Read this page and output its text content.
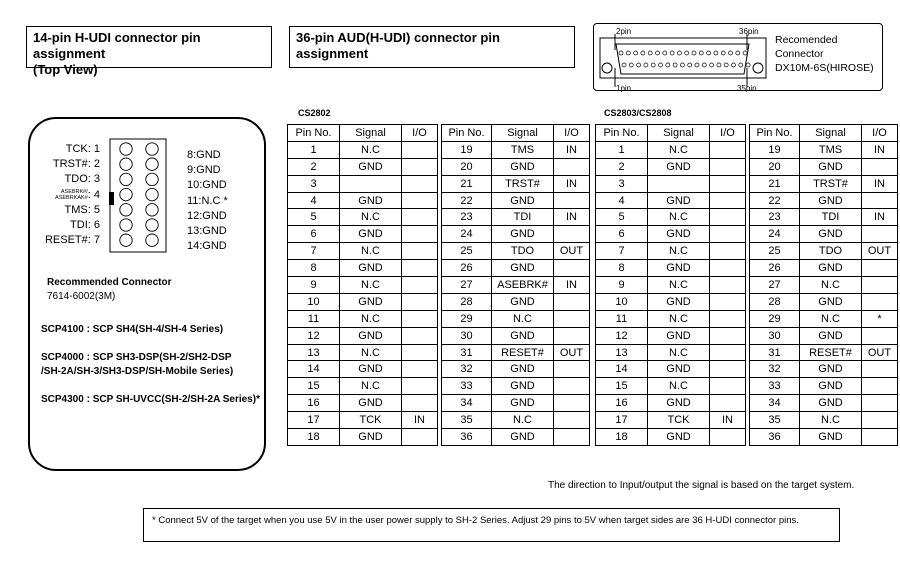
14-pin H-UDI connector pin assignment
(Top View)
36-pin AUD(H-UDI) connector pin assignment
2pin	36pin
1pin	35pin
Recomended
Connector
DX10M-6S(HIROSE)
CS2802	CS2803/CS2808
Pin No.	Signal	I/O		Pin No.	Signal	I/O
1	N.C			19	TMS	IN
2	GND			20	GND	
3				21	TRST#	IN
4	GND			22	GND	
5	N.C			23	TDI	IN
6	GND			24	GND	
7	N.C			25	TDO	OUT
8	GND			26	GND	
9	N.C			27	ASEBRK#	IN
10	GND			28	GND	
11	N.C			29	N.C	
12	GND			30	GND	
13	N.C			31	RESET#	OUT
14	GND			32	GND	
15	N.C			33	GND	
16	GND			34	GND	
17	TCK	IN		35	N.C	
18	GND			36	GND	
Pin No.	Signal	I/O		Pin No.	Signal	I/O
1	N.C			19	TMS	IN
2	GND			20	GND	
3				21	TRST#	IN
4	GND			22	GND	
5	N.C			23	TDI	IN
6	GND			24	GND	
7	N.C			25	TDO	OUT
8	GND			26	GND	
9	N.C			27	N.C	
10	GND			28	GND	
11	N.C			29	N.C	*
12	GND			30	GND	
13	N.C			31	RESET#	OUT
14	GND			32	GND	
15	N.C			33	GND	
16	GND			34	GND	
17	TCK	IN		35	N.C	
18	GND			36	GND	
TCK: 1
TRST#: 2
TDO: 3
ASEBRK#/
ASEBRKAK# : 4
TMS: 5
TDI: 6
RESET#: 7
8:GND
9:GND
10:GND
11:N.C *
12:GND
13:GND
14:GND
Recommended Connector
7614-6002(3M)
SCP4100 : SCP SH4(SH-4/SH-4 Series)
SCP4000 : SCP SH3-DSP(SH-2/SH2-DSP
/SH-2A/SH-3/SH3-DSP/SH-Mobile Series)
SCP4300 : SCP SH-UVCC(SH-2/SH-2A Series)*
The direction to Input/output the signal is based on the target system.
* Connect 5V of the target when you use 5V in the user power supply to SH-2 Series. Adjust 29 pins to 5V when target sides are 36 H-UDI connector pins.
